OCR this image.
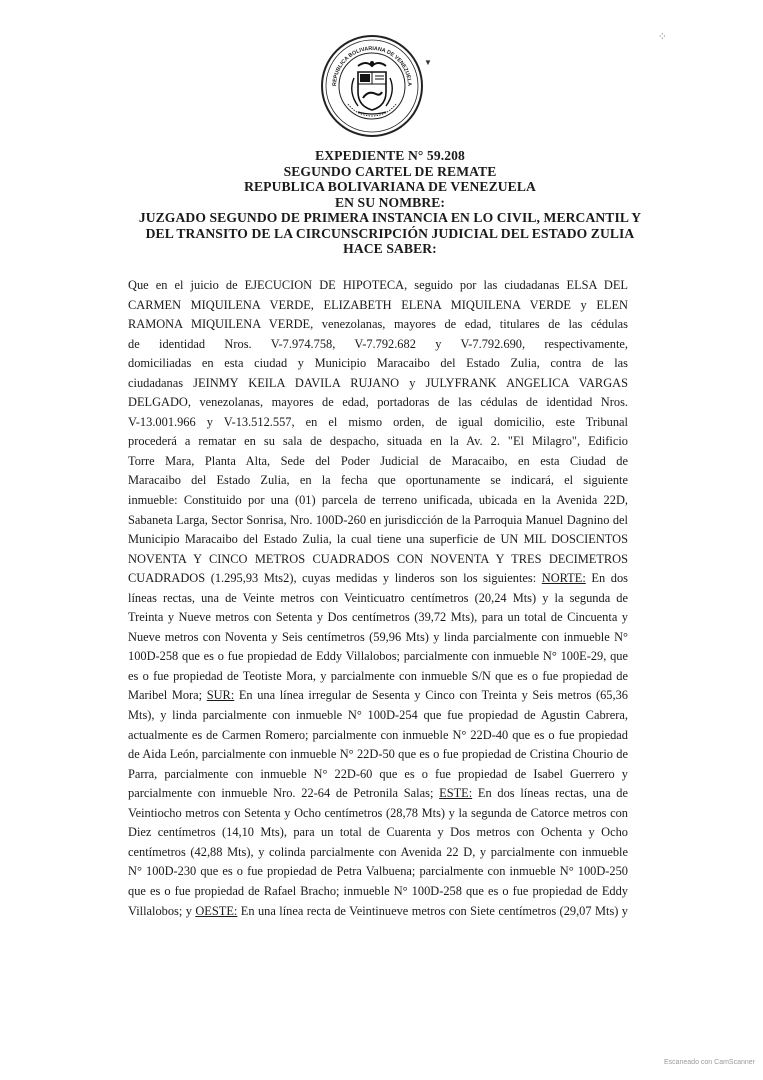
REPUBLICA BOLIVARIANA DE VENEZUELA
▼
⁘
EXPEDIENTE N° 59.208
SEGUNDO CARTEL DE REMATE
REPUBLICA BOLIVARIANA DE VENEZUELA
EN SU NOMBRE:
JUZGADO SEGUNDO DE PRIMERA INSTANCIA EN LO CIVIL, MERCANTIL Y
DEL TRANSITO DE LA CIRCUNSCRIPCIÓN JUDICIAL DEL ESTADO ZULIA
HACE SABER:
Que en el juicio de EJECUCION DE HIPOTECA, seguido por las ciudadanas ELSA DEL
CARMEN MIQUILENA VERDE, ELIZABETH ELENA MIQUILENA VERDE y ELEN
RAMONA MIQUILENA VERDE, venezolanas, mayores de edad, titulares de las cédulas
de identidad Nros. V-7.974.758, V-7.792.682 y V-7.792.690, respectivamente,
domiciliadas en esta ciudad y Municipio Maracaibo del Estado Zulia, contra de las
ciudadanas JEINMY KEILA DAVILA RUJANO y JULYFRANK ANGELICA VARGAS
DELGADO, venezolanas, mayores de edad, portadoras de las cédulas de identidad Nros.
V-13.001.966 y V-13.512.557, en el mismo orden, de igual domicilio, este Tribunal
procederá a rematar en su sala de despacho, situada en la Av. 2. "El Milagro", Edificio
Torre Mara, Planta Alta, Sede del Poder Judicial de Maracaibo, en esta Ciudad de
Maracaibo del Estado Zulia, en la fecha que oportunamente se indicará, el siguiente
inmueble: Constituido por una (01) parcela de terreno unificada, ubicada en la Avenida 22D,
Sabaneta Larga, Sector Sonrisa, Nro. 100D-260 en jurisdicción de la Parroquia Manuel Dagnino del
Municipio Maracaibo del Estado Zulia, la cual tiene una superficie de UN MIL DOSCIENTOS
NOVENTA Y CINCO METROS CUADRADOS CON NOVENTA Y TRES DECIMETROS
CUADRADOS (1.295,93 Mts2), cuyas medidas y linderos son los siguientes: NORTE: En dos
líneas rectas, una de Veinte metros con Veinticuatro centímetros (20,24 Mts) y la segunda de
Treinta y Nueve metros con Setenta y Dos centímetros (39,72 Mts), para un total de Cincuenta y
Nueve metros con Noventa y Seis centímetros (59,96 Mts) y linda parcialmente con inmueble N°
100D-258 que es o fue propiedad de Eddy Villalobos; parcialmente con inmueble N° 100E-29, que
es o fue propiedad de Teotiste Mora, y parcialmente con inmueble S/N que es o fue propiedad de
Maribel Mora; SUR: En una línea irregular de Sesenta y Cinco con Treinta y Seis metros (65,36
Mts), y linda parcialmente con inmueble N° 100D-254 que fue propiedad de Agustin Cabrera,
actualmente es de Carmen Romero; parcialmente con inmueble N° 22D-40 que es o fue propiedad
de Aida León, parcialmente con inmueble N° 22D-50 que es o fue propiedad de Cristina Chourio de
Parra, parcialmente con inmueble N° 22D-60 que es o fue propiedad de Isabel Guerrero y
parcialmente con inmueble Nro. 22-64 de Petronila Salas; ESTE: En dos líneas rectas, una de
Veintiocho metros con Setenta y Ocho centímetros (28,78 Mts) y la segunda de Catorce metros con
Diez centímetros (14,10 Mts), para un total de Cuarenta y Dos metros con Ochenta y Ocho
centímetros (42,88 Mts), y colinda parcialmente con Avenida 22 D, y parcialmente con inmueble
N° 100D-230 que es o fue propiedad de Petra Valbuena; parcialmente con inmueble N° 100D-250
que es o fue propiedad de Rafael Bracho; inmueble N° 100D-258 que es o fue propiedad de Eddy
Villalobos; y OESTE: En una línea recta de Veintinueve metros con Siete centímetros (29,07 Mts) y
Escaneado con CamScanner
